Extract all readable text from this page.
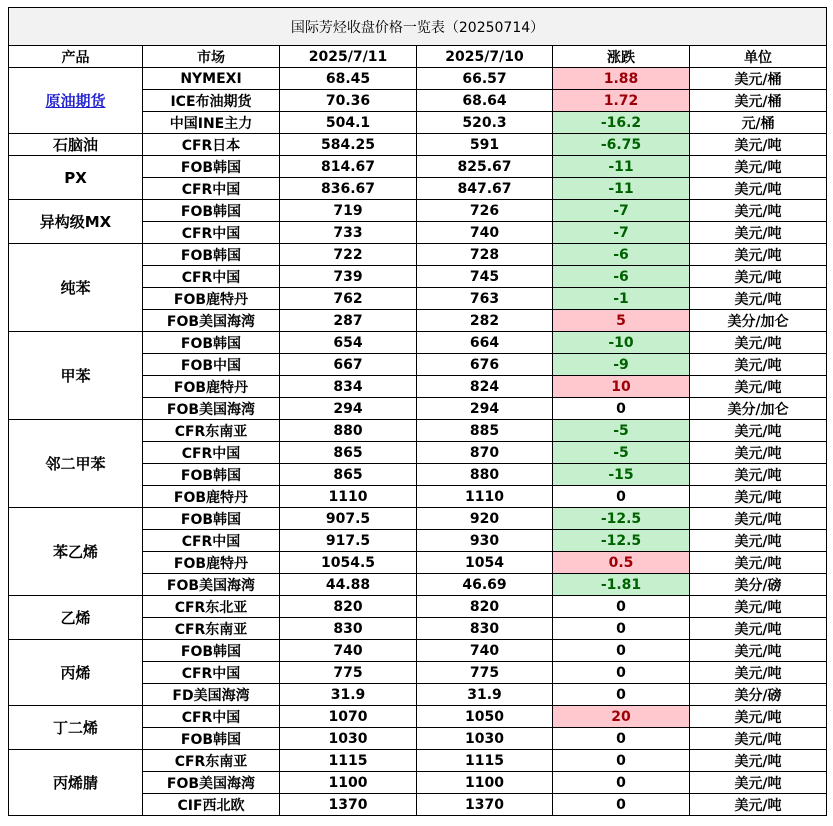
国际芳烃收盘价格一览表（20250714）					
产品	市场	2025/7/11	2025/7/10	涨跌	单位
原油期货	NYMEXI	68.45	66.57	1.88	美元/桶
	ICE布油期货	70.36	68.64	1.72	美元/桶
	中国INE主力	504.1	520.3	-16.2	元/桶
石脑油	CFR日本	584.25	591	-6.75	美元/吨
PX	FOB韩国	814.67	825.67	-11	美元/吨
	CFR中国	836.67	847.67	-11	美元/吨
异构级MX	FOB韩国	719	726	-7	美元/吨
	CFR中国	733	740	-7	美元/吨
纯苯	FOB韩国	722	728	-6	美元/吨
	CFR中国	739	745	-6	美元/吨
	FOB鹿特丹	762	763	-1	美元/吨
	FOB美国海湾	287	282	5	美分/加仑
甲苯	FOB韩国	654	664	-10	美元/吨
	FOB中国	667	676	-9	美元/吨
	FOB鹿特丹	834	824	10	美元/吨
	FOB美国海湾	294	294	0	美分/加仑
邻二甲苯	CFR东南亚	880	885	-5	美元/吨
	CFR中国	865	870	-5	美元/吨
	FOB韩国	865	880	-15	美元/吨
	FOB鹿特丹	1110	1110	0	美元/吨
苯乙烯	FOB韩国	907.5	920	-12.5	美元/吨
	CFR中国	917.5	930	-12.5	美元/吨
	FOB鹿特丹	1054.5	1054	0.5	美元/吨
	FOB美国海湾	44.88	46.69	-1.81	美分/磅
乙烯	CFR东北亚	820	820	0	美元/吨
	CFR东南亚	830	830	0	美元/吨
丙烯	FOB韩国	740	740	0	美元/吨
	CFR中国	775	775	0	美元/吨
	FD美国海湾	31.9	31.9	0	美分/磅
丁二烯	CFR中国	1070	1050	20	美元/吨
	FOB韩国	1030	1030	0	美元/吨
丙烯腈	CFR东南亚	1115	1115	0	美元/吨
	FOB美国海湾	1100	1100	0	美元/吨
	CIF西北欧	1370	1370	0	美元/吨
